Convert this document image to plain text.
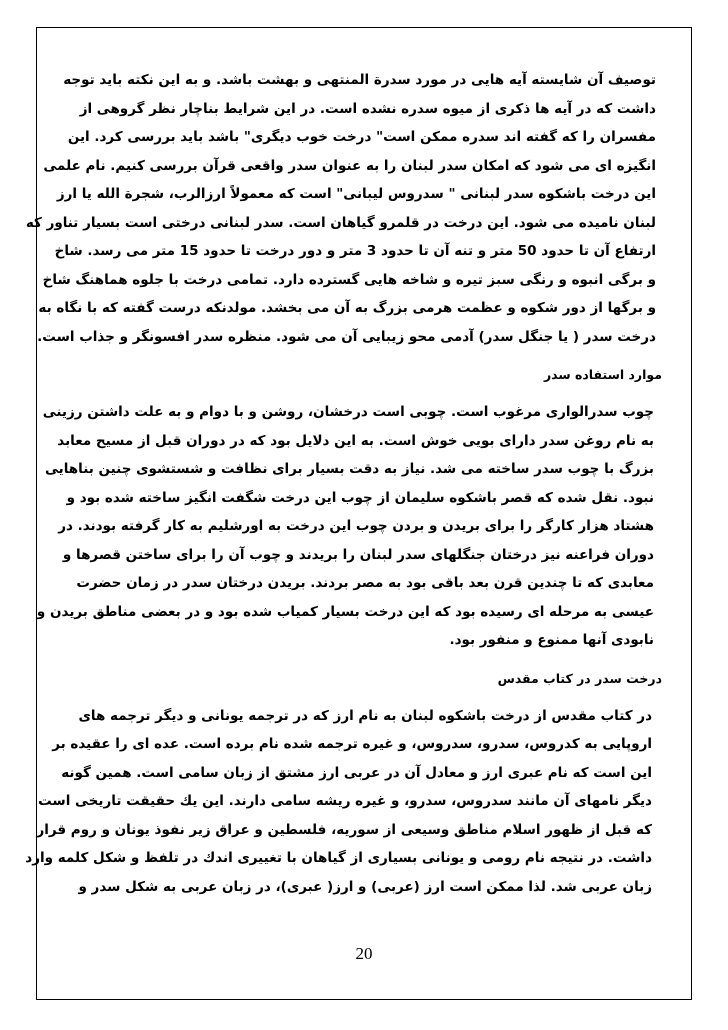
توصیف آن شایسته آیه هایی در مورد سدرة المنتهی و بهشت باشد. و به این نکته باید توجه
داشت که در آیه ها ذکری از میوه سدره نشده است. در این شرایط بناچار نظر گروهی از
مفسران را که گفته اند سدره ممکن است" درخت خوب دیگری" باشد باید بررسی کرد. این
انگیزه ای می شود که امکان سدر لبنان را به عنوان سدر واقعی قرآن بررسی کنیم. نام علمی
این درخت باشکوه سدر لبنانی " سدروس لیبانی" است که معمولاً ارزالرب، شجرة الله یا ارز
لبنان نامیده می شود. این درخت در قلمرو گیاهان است. سدر لبنانی درختی است بسیار تناور که
ارتفاع آن تا حدود 50 متر و تنه آن تا حدود 3 متر و دور درخت تا حدود 15 متر می رسد. شاخ
و برگی انبوه و رنگی سبز تیره و شاخه هایی گسترده دارد. تمامی درخت با جلوه هماهنگ شاخ
و برگها از دور شکوه و عظمت هرمی بزرگ به آن می بخشد. مولدنکه درست گفته که با نگاه به
درخت سدر ( یا جنگل سدر) آدمی محو زیبایی آن می شود. منظره سدر افسونگر و جذاب است.
موارد استفاده سدر
چوب سدرالواری مرغوب است. چوبی است درخشان، روشن و با دوام و به علت داشتن رزینی
به نام روغن سدر دارای بویی خوش است. به این دلایل بود که در دوران قبل از مسیح معابد
بزرگ با چوب سدر ساخته می شد. نیاز به دقت بسیار برای نظافت و شستشوی چنین بناهایی
نبود. نقل شده که قصر باشکوه سلیمان از چوب این درخت شگفت انگیز ساخته شده بود و
هشتاد هزار کارگر را برای بریدن و بردن چوب این درخت به اورشلیم به کار گرفته بودند. در
دوران فراعنه نیز درختان جنگلهای سدر لبنان را بریدند و چوب آن را برای ساختن قصرها و
معابدی که تا چندین قرن بعد باقی بود به مصر بردند. بریدن درختان سدر در زمان حضرت
عیسی به مرحله ای رسیده بود که این درخت بسیار کمیاب شده بود و در بعضی مناطق بریدن و
نابودی آنها ممنوع و منفور بود.
درخت سدر در کتاب مقدس
در کتاب مقدس از درخت باشکوه لبنان به نام ارز که در ترجمه یونانی و دیگر ترجمه های
اروپایی به کدروس، سدرو، سدروس، و غیره ترجمه شده نام برده است. عده ای را عقیده بر
این است که نام عبری ارز و معادل آن در عربی ارز مشتق از زبان سامی است. همین گونه
دیگر نامهای آن مانند سدروس، سدرو، و غیره ریشه سامی دارند. این یك حقیقت تاریخی است
که قبل از ظهور اسلام مناطق وسیعی از سوریه، فلسطین و عراق زیر نفوذ یونان و روم قرار
داشت. در نتیجه نام رومی و یونانی بسیاری از گیاهان با تغییری اندك در تلفظ و شکل کلمه وارد
زبان عربی شد. لذا ممکن است ارز (عربی) و ارز( عبری)، در زبان عربی به شکل سدر و
20
